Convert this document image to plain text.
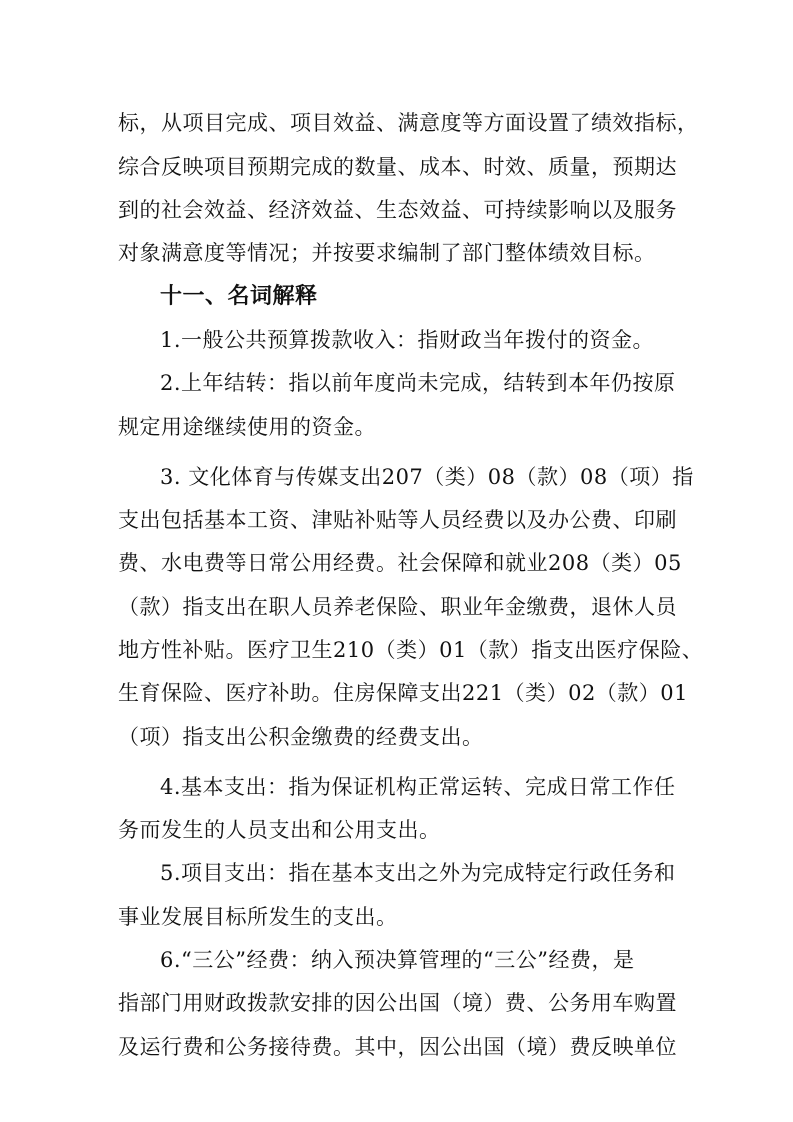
标，从项目完成、项目效益、满意度等方面设置了绩效指标，
综合反映项目预期完成的数量、成本、时效、质量，预期达
到的社会效益、经济效益、生态效益、可持续影响以及服务
对象满意度等情况；并按要求编制了部门整体绩效目标。
十一、名词解释
1.一般公共预算拨款收入：指财政当年拨付的资金。
2.上年结转：指以前年度尚未完成，结转到本年仍按原
规定用途继续使用的资金。
3. 文化体育与传媒支出207（类）08（款）08（项）指
支出包括基本工资、津贴补贴等人员经费以及办公费、印刷
费、水电费等日常公用经费。社会保障和就业208（类）05
（款）指支出在职人员养老保险、职业年金缴费，退休人员
地方性补贴。医疗卫生210（类）01（款）指支出医疗保险、
生育保险、医疗补助。住房保障支出221（类）02（款）01
（项）指支出公积金缴费的经费支出。
4.基本支出：指为保证机构正常运转、完成日常工作任
务而发生的人员支出和公用支出。
5.项目支出：指在基本支出之外为完成特定行政任务和
事业发展目标所发生的支出。
6.“三公”经费：纳入预决算管理的“三公”经费，是
指部门用财政拨款安排的因公出国（境）费、公务用车购置
及运行费和公务接待费。其中，因公出国（境）费反映单位
